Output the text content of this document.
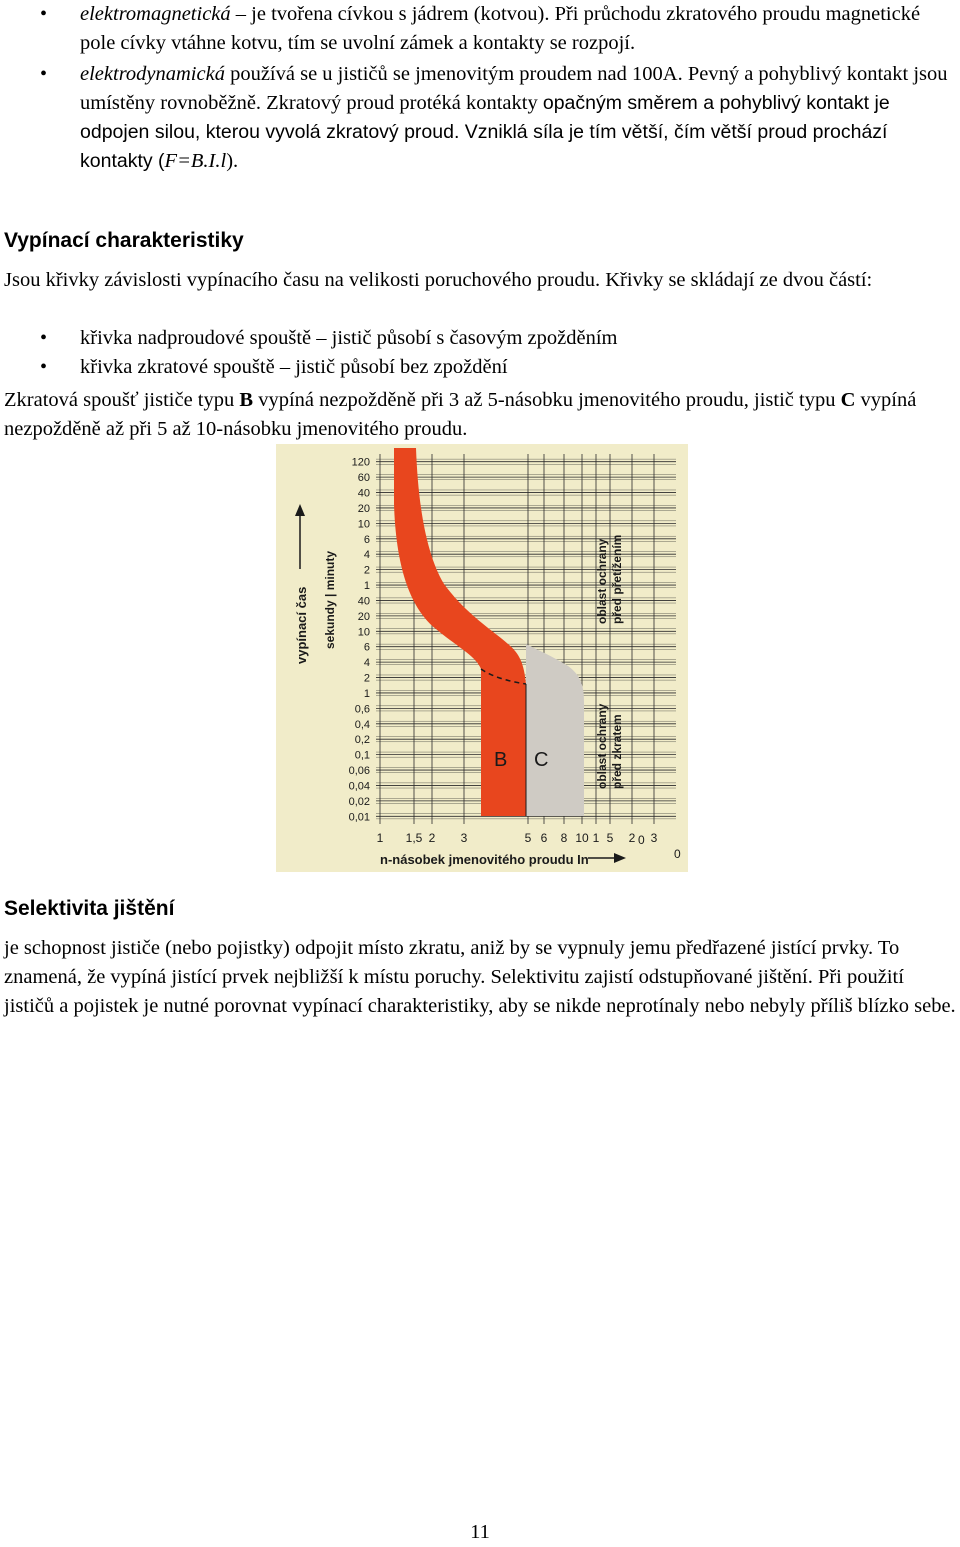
• elektromagnetická – je tvořena cívkou s jádrem (kotvou). Při průchodu zkratového proudu magnetické pole cívky vtáhne kotvu, tím se uvolní zámek a kontakty se rozpojí.
• elektrodynamická používá se u jističů se jmenovitým proudem nad 100A. Pevný a pohyblivý kontakt jsou umístěny rovnoběžně. Zkratový proud protéká kontakty opačným směrem a pohyblivý kontakt je odpojen silou, kterou vyvolá zkratový proud. Vzniklá síla je tím větší, čím větší proud prochází kontakty (F=B.I.l).
Vypínací charakteristiky

Jsou křivky závislosti vypínacího času na velikosti poruchového proudu. Křivky se skládají ze dvou částí:

• křivka nadproudové spouště – jistič působí s časovým zpožděním
• křivka zkratové spouště – jistič působí bez zpoždění

Zkratová spoušť jističe typu B vypíná nezpožděně při 3 až 5-násobku jmenovitého proudu, jistič typu C vypíná nezpožděně až při 5 až 10-násobku jmenovitého proudu.

vypínací čas sekundy | minuty
120
60
40
20
10
6
4
2
1
40
20
10
6
4
2
1
0,6
0,4
0,2
0,1
0,06
0,04
0,02
0,01
B C
oblast ochrany před přetížením
oblast ochrany před zkratem
1 1,5 2 3	5 6 8 10 1 5 2 3
0
0
n-násobek jmenovitého proudu In
Selektivita jištění

je schopnost jističe (nebo pojistky) odpojit místo zkratu, aniž by se vypnuly jemu předřazené jistící prvky. To znamená, že vypíná jistící prvek nejbližší k místu poruchy. Selektivitu zajistí odstupňované jištění. Při použití jističů a pojistek je nutné porovnat vypínací charakteristiky, aby se nikde neprotínaly nebo nebyly příliš blízko sebe.

11
